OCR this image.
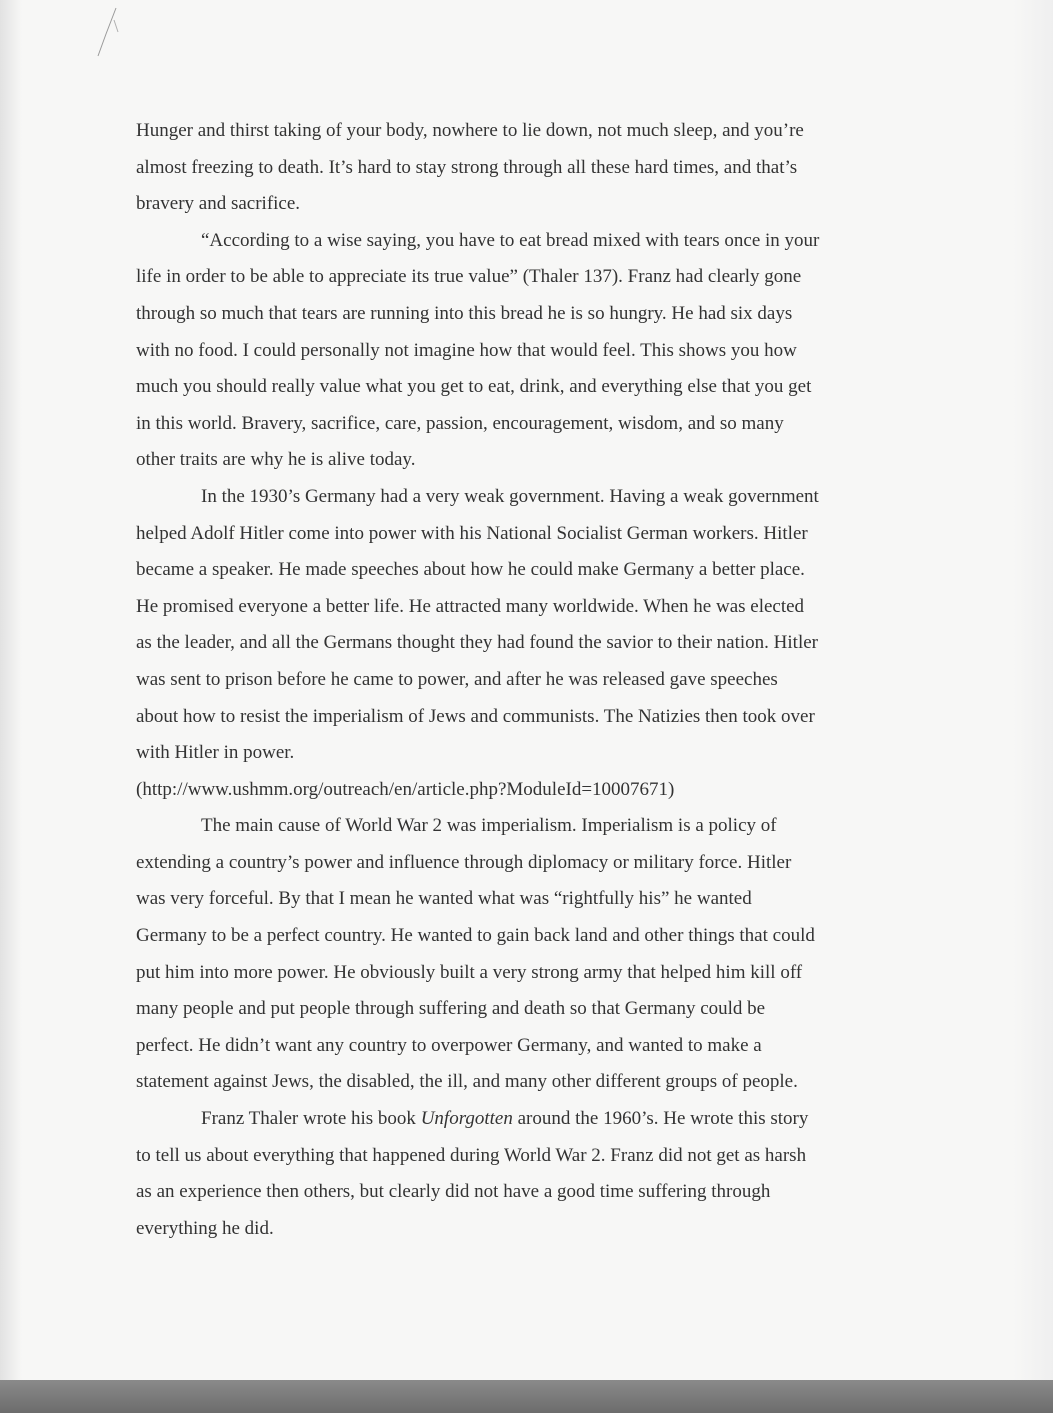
Hunger and thirst taking of your body, nowhere to lie down, not much sleep, and you’re
almost freezing to death. It’s hard to stay strong through all these hard times, and that’s
bravery and sacrifice.
“According to a wise saying, you have to eat bread mixed with tears once in your
life in order to be able to appreciate its true value” (Thaler 137). Franz had clearly gone
through so much that tears are running into this bread he is so hungry. He had six days
with no food. I could personally not imagine how that would feel. This shows you how
much you should really value what you get to eat, drink, and everything else that you get
in this world. Bravery, sacrifice, care, passion, encouragement, wisdom, and so many
other traits are why he is alive today.
In the 1930’s Germany had a very weak government. Having a weak government
helped Adolf Hitler come into power with his National Socialist German workers. Hitler
became a speaker. He made speeches about how he could make Germany a better place.
He promised everyone a better life. He attracted many worldwide. When he was elected
as the leader, and all the Germans thought they had found the savior to their nation. Hitler
was sent to prison before he came to power, and after he was released gave speeches
about how to resist the imperialism of Jews and communists. The Natizies then took over
with Hitler in power.
(http://www.ushmm.org/outreach/en/article.php?ModuleId=10007671)
The main cause of World War 2 was imperialism. Imperialism is a policy of
extending a country’s power and influence through diplomacy or military force. Hitler
was very forceful. By that I mean he wanted what was “rightfully his” he wanted
Germany to be a perfect country. He wanted to gain back land and other things that could
put him into more power. He obviously built a very strong army that helped him kill off
many people and put people through suffering and death so that Germany could be
perfect. He didn’t want any country to overpower Germany, and wanted to make a
statement against Jews, the disabled, the ill, and many other different groups of people.
Franz Thaler wrote his book Unforgotten around the 1960’s. He wrote this story
to tell us about everything that happened during World War 2. Franz did not get as harsh
as an experience then others, but clearly did not have a good time suffering through
everything he did.
